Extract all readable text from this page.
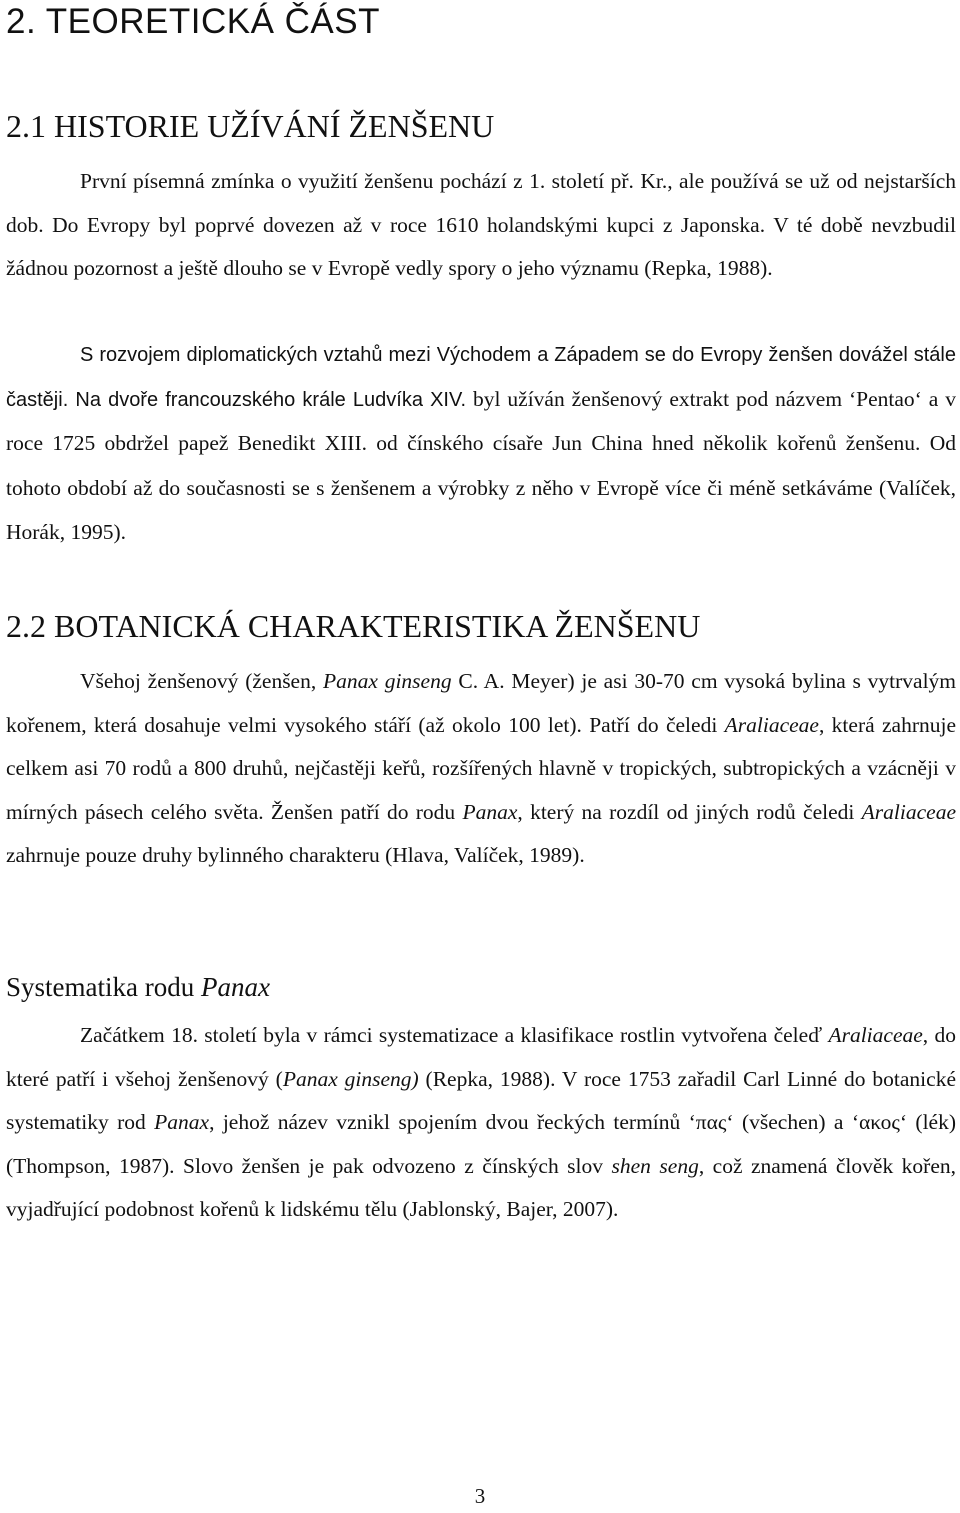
2. TEORETICKÁ ČÁST
2.1 HISTORIE UŽÍVÁNÍ ŽENŠENU

První písemná zmínka o využití ženšenu pochází z 1. století př. Kr., ale používá se už od nejstarších dob. Do Evropy byl poprvé dovezen až v roce 1610 holandskými kupci z Japonska. V té době nevzbudil žádnou pozornost a ještě dlouho se v Evropě vedly spory o jeho významu (Repka, 1988).

S rozvojem diplomatických vztahů mezi Východem a Západem se do Evropy ženšen dovážel stále častěji. Na dvoře francouzského krále Ludvíka XIV. byl užíván ženšenový extrakt pod názvem ‘Pentao‘ a v roce 1725 obdržel papež Benedikt XIII. od čínského císaře Jun China hned několik kořenů ženšenu. Od tohoto období až do současnosti se s ženšenem a výrobky z něho v Evropě více či méně setkáváme (Valíček, Horák, 1995).

2.2 BOTANICKÁ CHARAKTERISTIKA ŽENŠENU

Všehoj ženšenový (ženšen, Panax ginseng C. A. Meyer) je asi 30-70 cm vysoká bylina s vytrvalým kořenem, která dosahuje velmi vysokého stáří (až okolo 100 let). Patří do čeledi Araliaceae, která zahrnuje celkem asi 70 rodů a 800 druhů, nejčastěji keřů, rozšířených hlavně v tropických, subtropických a vzácněji v mírných pásech celého světa. Ženšen patří do rodu Panax, který na rozdíl od jiných rodů čeledi Araliaceae zahrnuje pouze druhy bylinného charakteru (Hlava, Valíček, 1989).

Systematika rodu Panax

Začátkem 18. století byla v rámci systematizace a klasifikace rostlin vytvořena čeleď Araliaceae, do které patří i všehoj ženšenový (Panax ginseng) (Repka, 1988). V roce 1753 zařadil Carl Linné do botanické systematiky rod Panax, jehož název vznikl spojením dvou řeckých termínů ‘πας‘ (všechen) a ‘ακος‘ (lék) (Thompson, 1987). Slovo ženšen je pak odvozeno z čínských slov shen seng, což znamená člověk kořen, vyjadřující podobnost kořenů k lidskému tělu (Jablonský, Bajer, 2007).

3
